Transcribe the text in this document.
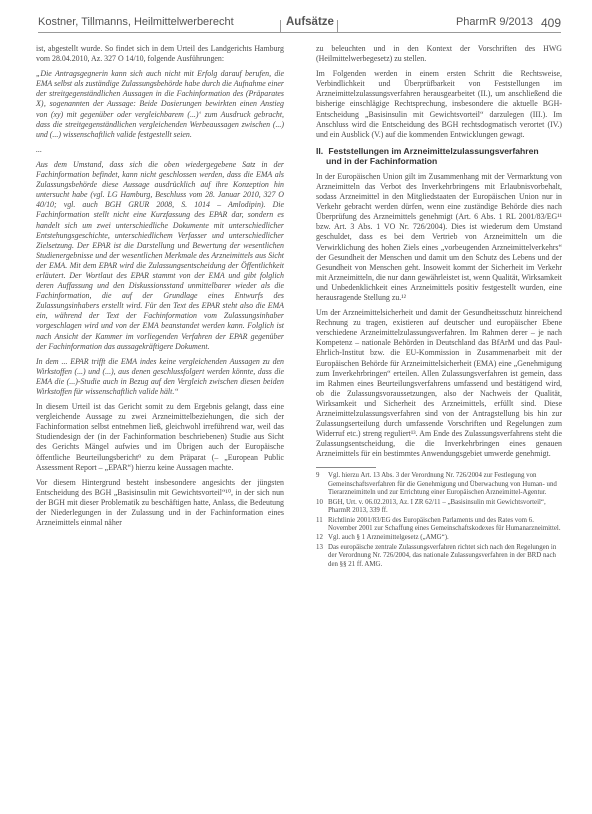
Kostner, Tillmanns, Heilmittelwerberecht	Aufsätze	PharmR 9/2013 409

ist, abgestellt wurde. So findet sich in dem Urteil des Landgerichts Hamburg vom 28.04.2010, Az. 327 O 14/10, folgende Ausführungen:

„Die Antragsgegnerin kann sich auch nicht mit Erfolg darauf berufen, die EMA selbst als zuständige Zulassungsbehörde habe durch die Aufnahme einer der streitgegenständlichen Aussagen in die Fachinformation des (Präparates X)‚ sogenannten der Aussage: Beide Dosierungen bewirkten einen Anstieg von (xy) mit gegenüber oder vergleichbarem (...)‘ zum Ausdruck gebracht, dass die streitgegenständlichen vergleichenden Werbeaussagen zwischen (...) und (...) wissenschaftlich valide festgestellt seien.

...

Aus dem Umstand, dass sich die oben wiedergegebene Satz in der Fachinformation befindet, kann nicht geschlossen werden, dass die EMA als Zulassungsbehörde diese Aussage ausdrücklich auf ihre Konzeption hin untersucht habe (vgl. LG Hamburg, Beschluss vom 28. Januar 2010, 327 O 40/10; vgl. auch BGH GRUR 2008, S. 1014 – Amlodipin). Die Fachinformation stellt nicht eine Kurzfassung des EPAR dar, sondern es handelt sich um zwei unterschiedliche Dokumente mit unterschiedlicher Entstehungsgeschichte, unterschiedlichem Verfasser und unterschiedlicher Zielsetzung. Der EPAR ist die Darstellung und Bewertung der wesentlichen Studienergebnisse und der wesentlichen Merkmale des Arzneimittels aus Sicht der EMA. Mit dem EPAR wird die Zulassungsentscheidung der Öffentlichkeit erläutert. Der Wortlaut des EPAR stammt von der EMA und gibt folglich deren Auffassung und den Diskussionsstand unmittelbarer wieder als die Fachinformation, die auf der Grundlage eines Entwurfs des Zulassungsinhabers erstellt wird. Für den Text des EPAR steht also die EMA ein, während der Text der Fachinformation vom Zulassungsinhaber vorgeschlagen wird und von der EMA beanstandet werden kann. Folglich ist nach Ansicht der Kammer im vorliegenden Verfahren der EPAR gegenüber der Fachinformation das aussagekräftigere Dokument.

In dem ... EPAR trifft die EMA indes keine vergleichenden Aussagen zu den Wirkstoffen (...) und (...), aus denen geschlussfolgert werden könnte, dass die EMA die (...)-Studie auch in Bezug auf den Vergleich zwischen diesen beiden Wirkstoffen für wissenschaftlich valide hält.“

In diesem Urteil ist das Gericht somit zu dem Ergebnis gelangt, dass eine vergleichende Aussage zu zwei Arzneimittelbeziehungen, die sich der Fachinformation selbst entnehmen ließ, gleichwohl irreführend war, weil das Studiendesign der (in der Fachinformation beschriebenen) Studie aus Sicht des Gerichts Mängel aufwies und im Übrigen auch der Europäische öffentliche Beurteilungsbericht⁹ zu dem Präparat (– „European Public Assessment Report – „EPAR“) hierzu keine Aussagen machte.

Vor diesem Hintergrund besteht insbesondere angesichts der jüngsten Entscheidung des BGH „Basisinsulin mit Gewichtsvorteil“¹⁰, in der sich nun der BGH mit dieser Problematik zu beschäftigen hatte, Anlass, die Bedeutung der Niederlegungen in der Zulassung und in der Fachinformation eines Arzneimittels einmal näher

zu beleuchten und in den Kontext der Vorschriften des HWG (Heilmittelwerbegesetz) zu stellen.

Im Folgenden werden in einem ersten Schritt die Rechtsweise, Verbindlichkeit und Überprüfbarkeit von Feststellungen im Arzneimittelzulassungsverfahren herausgearbeitet (II.), um anschließend die bisherige einschlägige Rechtsprechung, insbesondere die aktuelle BGH-Entscheidung „Basisinsulin mit Gewichtsvorteil“ darzulegen (III.). Im Anschluss wird die Entscheidung des BGH rechtsdogmatisch verortet (IV.) und ein Ausblick (V.) auf die kommenden Entwicklungen gewagt.

II. Feststellungen im Arzneimittelzulassungsverfahren
und in der Fachinformation

In der Europäischen Union gilt im Zusammenhang mit der Vermarktung von Arzneimitteln das Verbot des Inverkehrbringens mit Erlaubnisvorbehalt, sodass Arzneimittel in den Mitgliedstaaten der Europäischen Union nur in Verkehr gebracht werden dürfen, wenn eine zuständige Behörde dies nach Überprüfung des Arzneimittels genehmigt (Art. 6 Abs. 1 RL 2001/83/EG¹¹ bzw. Art. 3 Abs. 1 VO Nr. 726/2004). Dies ist wiederum dem Umstand geschuldet, dass es bei dem Vertrieb von Arzneimitteln um die Verwirklichung des hohen Ziels eines „vorbeugenden Arzneimittelverkehrs“ der Gesundheit der Menschen und damit um den Schutz des Lebens und der Gesundheit von Menschen geht. Insoweit kommt der Sicherheit im Verkehr mit Arzneimitteln, die nur dann gewährleistet ist, wenn Qualität, Wirksamkeit und Unbedenklichkeit eines Arzneimittels positiv festgestellt wurden, eine herausragende Stellung zu.¹²

Um der Arzneimittelsicherheit und damit der Gesundheitsschutz hinreichend Rechnung zu tragen, existieren auf deutscher und europäischer Ebene verschiedene Arzneimittelzulassungsverfahren. Im Rahmen derer – je nach Kompetenz – nationale Behörden in Deutschland das BfArM und das Paul-Ehrlich-Institut bzw. die EU-Kommission in Zusammenarbeit mit der Europäischen Behörde für Arzneimittelsicherheit (EMA) eine „Genehmigung zum Inverkehrbringen“ erteilen. Allen Zulassungsverfahren ist gemein, dass im Rahmen eines Beurteilungsverfahrens umfassend und bestätigend wird, ob die Zulassungsvoraussetzungen, also der Nachweis der Qualität, Wirksamkeit und Sicherheit des Arzneimittels, erfüllt sind. Diese Arzneimittelzulassungsverfahren sind von der Antragstellung bis hin zur Zulassungserteilung durch umfassende Vorschriften und Regelungen zum Widerruf etc.) streng reguliert¹³. Am Ende des Zulassungsverfahrens steht die Zulassungsentscheidung, die die Inverkehrbringen eines genauen Arzneimittels für ein bestimmtes Anwendungsgebiet umwerde genehmigt.

9	Vgl. hierzu Art. 13 Abs. 3 der Verordnung Nr. 726/2004 zur Festlegung von Gemeinschaftsverfahren für die Genehmigung und Überwachung von Human- und Tierarzneimitteln und zur Errichtung einer Europäischen Arzneimittel-Agentur.
10 BGH, Urt. v. 06.02.2013, Az. I ZR 62/11 – „Basisinsulin mit Gewichtsvorteil“, PharmR 2013, 339 ff.
11 Richtlinie 2001/83/EG des Europäischen Parlaments und des Rates vom 6. November 2001 zur Schaffung eines Gemeinschaftskodexes für Humanarzneimittel.
12 Vgl. auch § 1 Arzneimittelgesetz („AMG“).
13 Das europäische zentrale Zulassungsverfahren richtet sich nach den Regelungen in der Verordnung Nr. 726/2004, das nationale Zulassungsverfahren in der BRD nach den §§ 21 ff. AMG.
